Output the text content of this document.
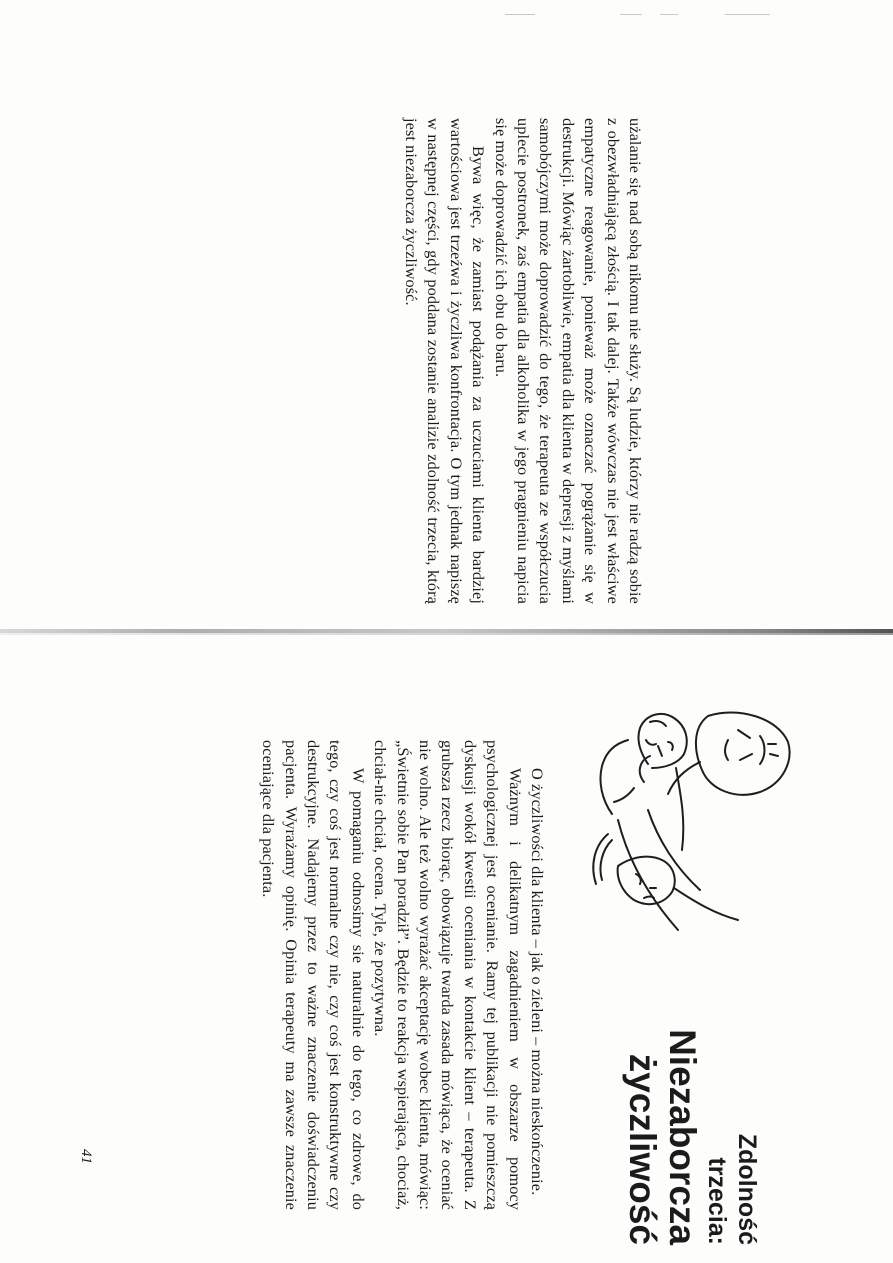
użalanie się nad sobą nikomu nie służy. Są ludzie, którzy nie radzą sobie z obezwładniającą złością. I tak dalej. Także wówczas nie jest właściwe empatyczne reagowanie, ponieważ może oznaczać pogrążanie się w destrukcji. Mówiąc żartobliwie, empatia dla klienta w depresji z myślami samobójczymi może doprowadzić do tego, że terapeuta ze współczucia uplecie postronek, zaś empatia dla alkoholika w jego pragnieniu napicia się może doprowadzić ich obu do baru.

Bywa więc, że zamiast podążania za uczuciami klienta bardziej wartościowa jest trzeźwa i życzliwa konfrontacja. O tym jednak napiszę w następnej części, gdy poddana zostanie analizie zdolność trzecia, którą jest niezaborcza życzliwość.

Zdolność
trzecia:
Niezaborcza
życzliwość

O życzliwości dla klienta – jak o zieleni – można nieskończenie.

Ważnym i delikatnym zagadnieniem w obszarze pomocy psychologicznej jest ocenianie. Ramy tej publikacji nie pomieszczą dyskusji wokół kwestii oceniania w kontakcie klient – terapeuta. Z grubsza rzecz biorąc, obowiązuje twarda zasada mówiąca, że oceniać nie wolno. Ale też wolno wyrażać akceptację wobec klienta, mówiąc: „Świetnie sobie Pan poradził”. Będzie to reakcja wspierająca, chociaż, chciał-nie chciał, ocena. Tyle, że pozytywna.

W pomaganiu odnosimy sie naturalnie do tego, co zdrowe, do tego, czy coś jest normalne czy nie, czy coś jest konstruktywne czy destrukcyjne. Nadajemy przez to ważne znaczenie doświadczeniu pacjenta. Wyrażamy opinię. Opinia terapeuty ma zawsze znaczenie oceniające dla pacjenta.

41
